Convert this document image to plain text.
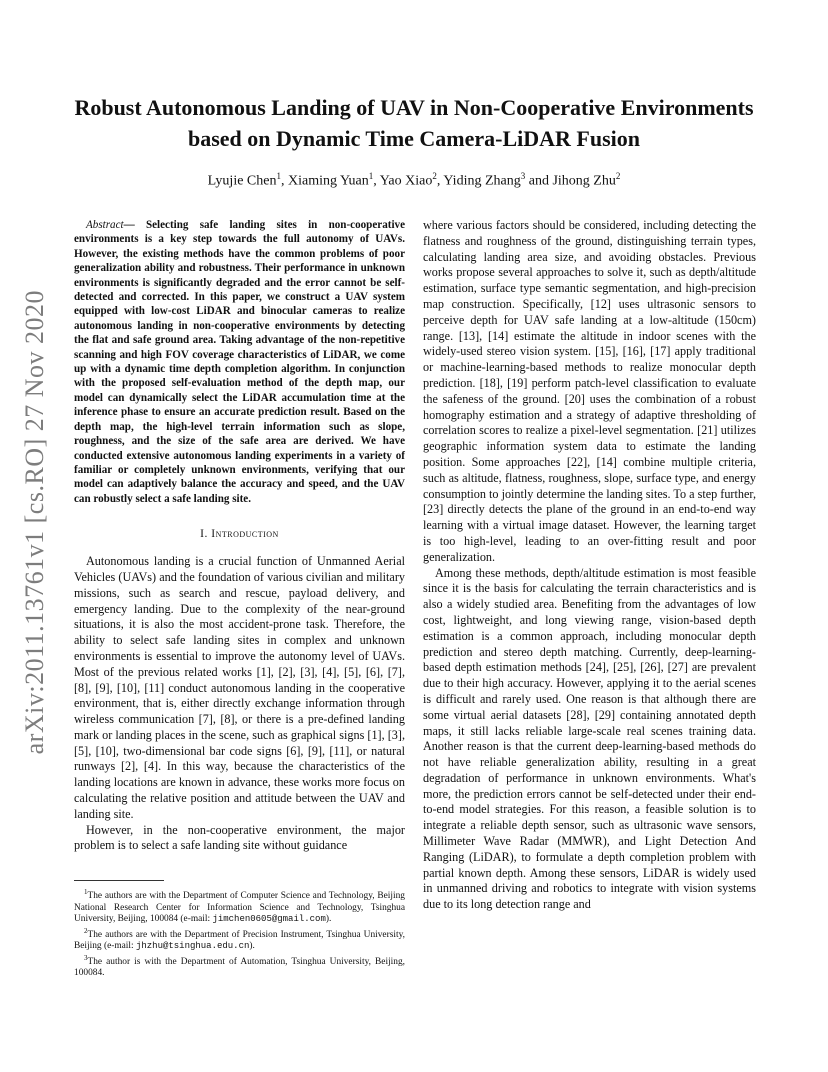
arXiv:2011.13761v1 [cs.RO] 27 Nov 2020
Robust Autonomous Landing of UAV in Non-Cooperative Environments
based on Dynamic Time Camera-LiDAR Fusion
Lyujie Chen$^1$, Xiaming Yuan$^1$, Yao Xiao$^2$, Yiding Zhang$^3$ and Jihong Zhu$^2$

Abstract— Selecting safe landing sites in non-cooperative environments is a key step towards the full autonomy of UAVs. However, the existing methods have the common problems of poor generalization ability and robustness. Their performance in unknown environments is significantly degraded and the error cannot be self-detected and corrected. In this paper, we construct a UAV system equipped with low-cost LiDAR and binocular cameras to realize autonomous landing in non-cooperative environments by detecting the flat and safe ground area. Taking advantage of the non-repetitive scanning and high FOV coverage characteristics of LiDAR, we come up with a dynamic time depth completion algorithm. In conjunction with the proposed self-evaluation method of the depth map, our model can dynamically select the LiDAR accumulation time at the inference phase to ensure an accurate prediction result. Based on the depth map, the high-level terrain information such as slope, roughness, and the size of the safe area are derived. We have conducted extensive autonomous landing experiments in a variety of familiar or completely unknown environments, verifying that our model can adaptively balance the accuracy and speed, and the UAV can robustly select a safe landing site.

I. Introduction

Autonomous landing is a crucial function of Unmanned Aerial Vehicles (UAVs) and the foundation of various civilian and military missions, such as search and rescue, payload delivery, and emergency landing. Due to the complexity of the near-ground situations, it is also the most accident-prone task. Therefore, the ability to select safe landing sites in complex and unknown environments is essential to improve the autonomy level of UAVs. Most of the previous related works [1], [2], [3], [4], [5], [6], [7], [8], [9], [10], [11] conduct autonomous landing in the cooperative environment, that is, either directly exchange information through wireless communication [7], [8], or there is a pre-defined landing mark or landing places in the scene, such as graphical signs [1], [3], [5], [10], two-dimensional bar code signs [6], [9], [11], or natural runways [2], [4]. In this way, because the characteristics of the landing locations are known in advance, these works more focus on calculating the relative position and attitude between the UAV and landing site.

However, in the non-cooperative environment, the major problem is to select a safe landing site without guidance

$^1$The authors are with the Department of Computer Science and Technology, Beijing National Research Center for Information Science and Technology, Tsinghua University, Beijing, 100084 (e-mail: jimchen0605@gmail.com).

$^2$The authors are with the Department of Precision Instrument, Tsinghua University, Beijing (e-mail: jhzhu@tsinghua.edu.cn).

$^3$The author is with the Department of Automation, Tsinghua University, Beijing, 100084.

where various factors should be considered, including detecting the flatness and roughness of the ground, distinguishing terrain types, calculating landing area size, and avoiding obstacles. Previous works propose several approaches to solve it, such as depth/altitude estimation, surface type semantic segmentation, and high-precision map construction. Specifically, [12] uses ultrasonic sensors to perceive depth for UAV safe landing at a low-altitude (150cm) range. [13], [14] estimate the altitude in indoor scenes with the widely-used stereo vision system. [15], [16], [17] apply traditional or machine-learning-based methods to realize monocular depth prediction. [18], [19] perform patch-level classification to evaluate the safeness of the ground. [20] uses the combination of a robust homography estimation and a strategy of adaptive thresholding of correlation scores to realize a pixel-level segmentation. [21] utilizes geographic information system data to estimate the landing position. Some approaches [22], [14] combine multiple criteria, such as altitude, flatness, roughness, slope, surface type, and energy consumption to jointly determine the landing sites. To a step further, [23] directly detects the plane of the ground in an end-to-end way learning with a virtual image dataset. However, the learning target is too high-level, leading to an over-fitting result and poor generalization.

Among these methods, depth/altitude estimation is most feasible since it is the basis for calculating the terrain characteristics and is also a widely studied area. Benefiting from the advantages of low cost, lightweight, and long viewing range, vision-based depth estimation is a common approach, including monocular depth prediction and stereo depth matching. Currently, deep-learning-based depth estimation methods [24], [25], [26], [27] are prevalent due to their high accuracy. However, applying it to the aerial scenes is difficult and rarely used. One reason is that although there are some virtual aerial datasets [28], [29] containing annotated depth maps, it still lacks reliable large-scale real scenes training data. Another reason is that the current deep-learning-based methods do not have reliable generalization ability, resulting in a great degradation of performance in unknown environments. What's more, the prediction errors cannot be self-detected under their end-to-end model strategies. For this reason, a feasible solution is to integrate a reliable depth sensor, such as ultrasonic wave sensors, Millimeter Wave Radar (MMWR), and Light Detection And Ranging (LiDAR), to formulate a depth completion problem with partial known depth. Among these sensors, LiDAR is widely used in unmanned driving and robotics to integrate with vision systems due to its long detection range and
